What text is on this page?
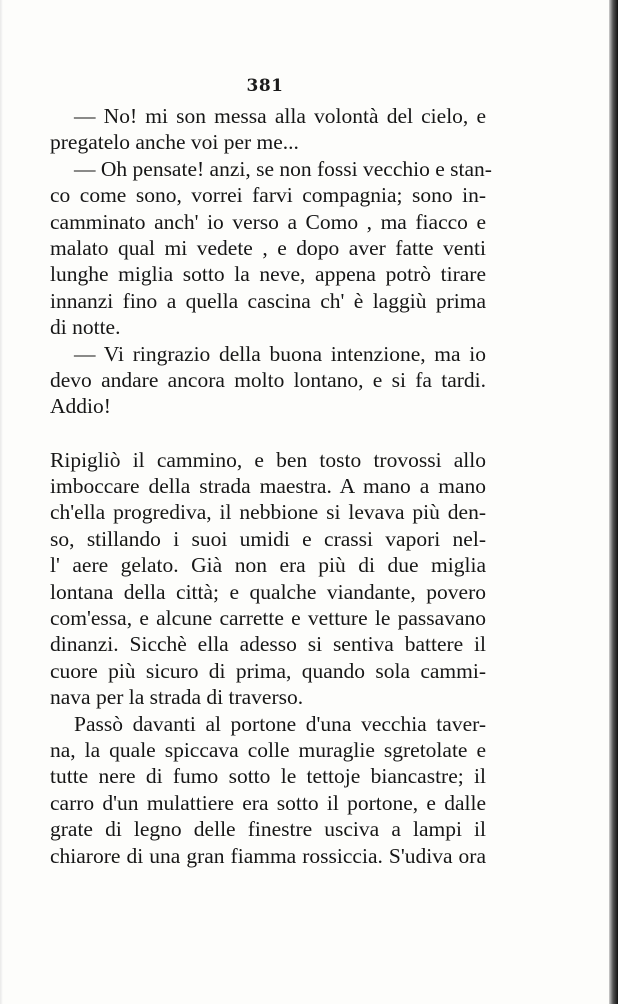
381
— No! mi son messa alla volontà del cielo, e
pregatelo anche voi per me...
— Oh pensate! anzi, se non fossi vecchio e stan-
co come sono, vorrei farvi compagnia; sono in-
camminato anch' io verso a Como , ma fiacco e
malato qual mi vedete , e dopo aver fatte venti
lunghe miglia sotto la neve, appena potrò tirare
innanzi fino a quella cascina ch' è laggiù prima
di notte.
— Vi ringrazio della buona intenzione, ma io
devo andare ancora molto lontano, e si fa tardi.
Addio!
Ripigliò il cammino, e ben tosto trovossi allo
imboccare della strada maestra. A mano a mano
ch'ella progrediva, il nebbione si levava più den-
so, stillando i suoi umidi e crassi vapori nel-
l' aere gelato. Già non era più di due miglia
lontana della città; e qualche viandante, povero
com'essa, e alcune carrette e vetture le passavano
dinanzi. Sicchè ella adesso si sentiva battere il
cuore più sicuro di prima, quando sola cammi-
nava per la strada di traverso.
Passò davanti al portone d'una vecchia taver-
na, la quale spiccava colle muraglie sgretolate e
tutte nere di fumo sotto le tettoje biancastre; il
carro d'un mulattiere era sotto il portone, e dalle
grate di legno delle finestre usciva a lampi il
chiarore di una gran fiamma rossiccia. S'udiva ora
